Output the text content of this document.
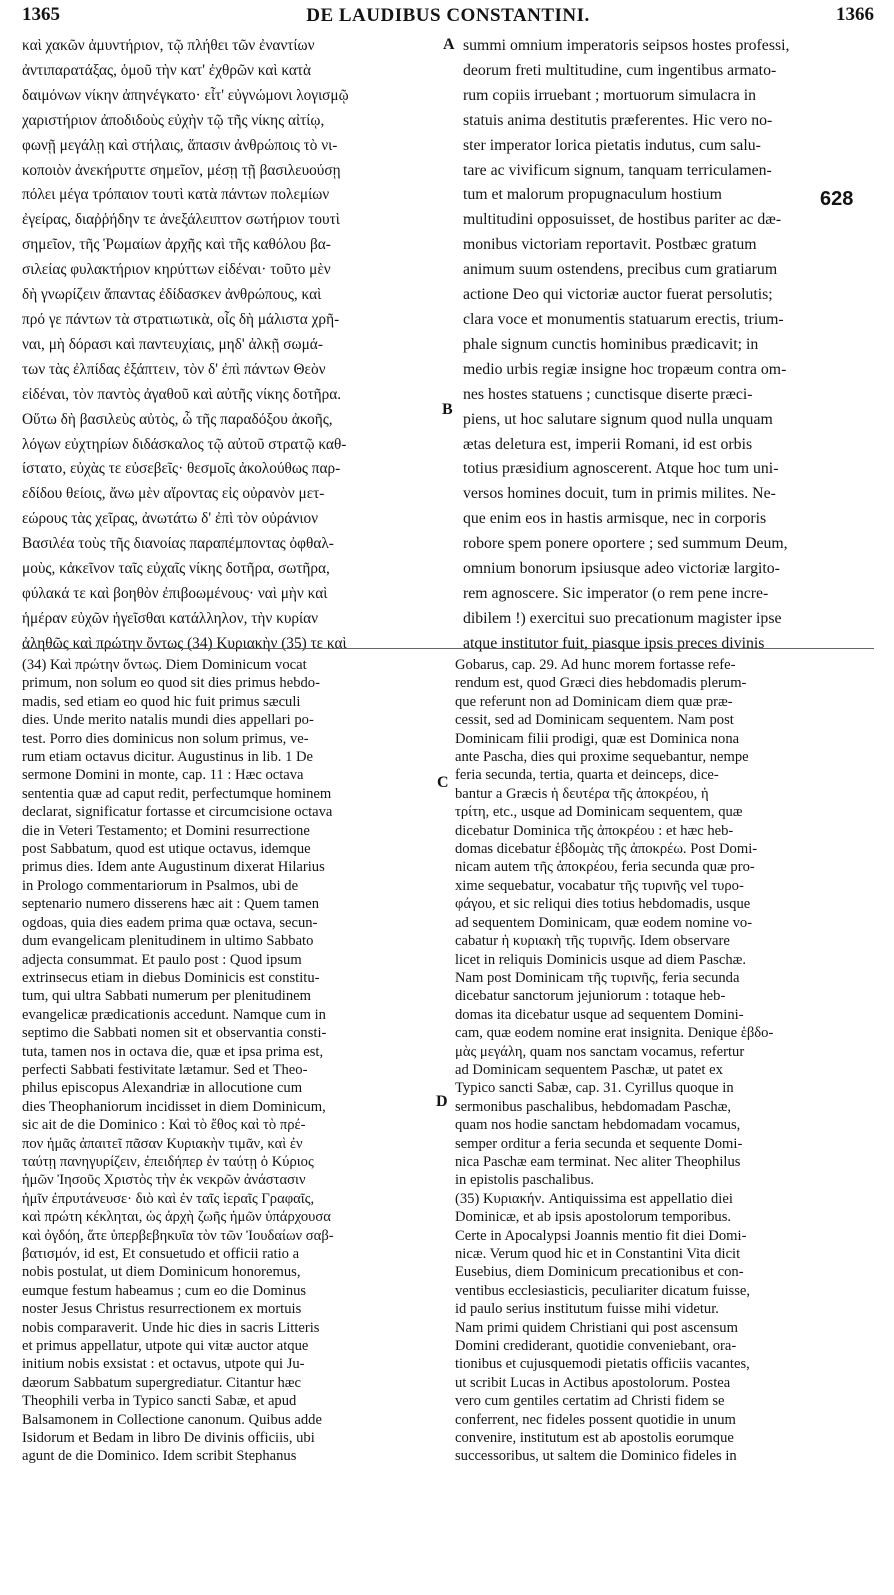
1365	DE LAUDIBUS CONSTANTINI.	1366
καὶ χακῶν ἀμυντήριον, τῷ πλήθει τῶν ἐναντίων
ἀντιπαρατάξας, ὁμοῦ τὴν κατ' ἐχθρῶν καὶ κατὰ
δαιμόνων νίκην ἀπηνέγκατο· εἶτ' εὐγνώμονι λογισμῷ
χαριστήριον ἀποδιδοὺς εὐχὴν τῷ τῆς νίκης αἰτίῳ,
φωνῇ μεγάλῃ καὶ στήλαις, ἅπασιν ἀνθρώποις τὸ νι-
κοποιὸν ἀνεκήρυττε σημεῖον, μέσῃ τῇ βασιλευούσῃ
πόλει μέγα τρόπαιον τουτὶ κατὰ πάντων πολεμίων
ἐγείρας, διαῤῥήδην τε ἀνεξάλειπτον σωτήριον τουτὶ
σημεῖον, τῆς Ῥωμαίων ἀρχῆς καὶ τῆς καθόλου βα-
σιλείας φυλακτήριον κηρύττων εἰδέναι· τοῦτο μὲν
δὴ γνωρίζειν ἅπαντας ἐδίδασκεν ἀνθρώπους, καὶ
πρό γε πάντων τὰ στρατιωτικὰ, οἷς δὴ μάλιστα χρῆ-
ναι, μὴ δόρασι καὶ παντευχίαις, μηδ' ἀλκῇ σωμά-
των τὰς ἐλπίδας ἐξάπτειν, τὸν δ' ἐπὶ πάντων Θεὸν
εἰδέναι, τὸν παντὸς ἀγαθοῦ καὶ αὐτῆς νίκης δοτῆρα.
Οὕτω δὴ βασιλεὺς αὐτὸς, ὦ τῆς παραδόξου ἀκοῆς,
λόγων εὐχτηρίων διδάσκαλος τῷ αὐτοῦ στρατῷ καθ-
ίστατο, εὐχὰς τε εὐσεβεῖς· θεσμοῖς ἀκολούθως παρ-
εδίδου θείοις, ἄνω μὲν αἴροντας εἰς οὐρανὸν μετ-
εώρους τὰς χεῖρας, ἀνωτάτω δ' ἐπὶ τὸν οὐράνιον
Βασιλέα τοὺς τῆς διανοίας παραπέμποντας ὀφθαλ-
μοὺς, κἀκεῖνον ταῖς εὐχαῖς νίκης δοτῆρα, σωτῆρα,
φύλακά τε καὶ βοηθὸν ἐπιβοωμένους· ναὶ μὴν καὶ
ἡμέραν εὐχῶν ἡγεῖσθαι κατάλληλον, τὴν κυρίαν
ἀληθῶς καὶ πρώτην ὄντως (34) Κυριακὴν (35) τε καὶ
summi omnium imperatoris seipsos hostes professi,
deorum freti multitudine, cum ingentibus armato-
rum copiis irruebant ; mortuorum simulacra in
statuis anima destitutis præferentes. Hic vero no-
ster imperator lorica pietatis indutus, cum salu-
tare ac vivificum signum, tanquam terriculamen-
tum et malorum propugnaculum hostium
multitudini opposuisset, de hostibus pariter ac dæ-
monibus victoriam reportavit. Postbæc gratum
animum suum ostendens, precibus cum gratiarum
actione Deo qui victoriæ auctor fuerat persolutis;
clara voce et monumentis statuarum erectis, trium-
phale signum cunctis hominibus prædicavit; in
medio urbis regiæ insigne hoc tropæum contra om-
nes hostes statuens ; cunctisque diserte præci-
piens, ut hoc salutare signum quod nulla unquam
ætas deletura est, imperii Romani, id est orbis
totius præsidium agnoscerent. Atque hoc tum uni-
versos homines docuit, tum in primis milites. Ne-
que enim eos in hastis armisque, nec in corporis
robore spem ponere oportere ; sed summum Deum,
omnium bonorum ipsiusque adeo victoriæ largito-
rem agnoscere. Sic imperator (o rem pene incre-
dibilem !) exercitui suo precationum magister ipse
atque institutor fuit, piasque ipsis preces divinis
A
B
C
D
628
(34) Καὶ πρώτην ὄντως. Diem Dominicum vocat
primum, non solum eo quod sit dies primus hebdo-
madis, sed etiam eo quod hic fuit primus sæculi
dies. Unde merito natalis mundi dies appellari po-
test. Porro dies dominicus non solum primus, ve-
rum etiam octavus dicitur. Augustinus in lib. 1 De
sermone Domini in monte, cap. 11 : Hæc octava
sententia quæ ad caput redit, perfectumque hominem
declarat, significatur fortasse et circumcisione octava
die in Veteri Testamento; et Domini resurrectione
post Sabbatum, quod est utique octavus, idemque
primus dies. Idem ante Augustinum dixerat Hilarius
in Prologo commentariorum in Psalmos, ubi de
septenario numero disserens hæc ait : Quem tamen
ogdoas, quia dies eadem prima quæ octava, secun-
dum evangelicam plenitudinem in ultimo Sabbato
adjecta consummat. Et paulo post : Quod ipsum
extrinsecus etiam in diebus Dominicis est constitu-
tum, qui ultra Sabbati numerum per plenitudinem
evangelicæ prædicationis accedunt. Namque cum in
septimo die Sabbati nomen sit et observantia consti-
tuta, tamen nos in octava die, quæ et ipsa prima est,
perfecti Sabbati festivitate lætamur. Sed et Theo-
philus episcopus Alexandriæ in allocutione cum
dies Theophaniorum incidisset in diem Dominicum,
sic ait de die Dominico : Καὶ τὸ ἔθος καὶ τὸ πρέ-
πον ἡμᾶς ἀπαιτεῖ πᾶσαν Κυριακὴν τιμᾶν, καὶ ἐν
ταύτῃ πανηγυρίζειν, ἐπειδήπερ ἐν ταύτῃ ὁ Κύριος
ἡμῶν Ἰησοῦς Χριστὸς τὴν ἐκ νεκρῶν ἀνάστασιν
ἡμῖν ἐπρυτάνευσε· διὸ καὶ ἐν ταῖς ἱεραῖς Γραφαῖς,
καὶ πρώτη κέκληται, ὡς ἀρχὴ ζωῆς ἡμῶν ὑπάρχουσα
καὶ ὀγδόη, ἅτε ὑπερβεβηκυῖα τὸν τῶν Ἰουδαίων σαβ-
βατισμόν, id est, Et consuetudo et officii ratio a
nobis postulat, ut diem Dominicum honoremus,
eumque festum habeamus ; cum eo die Dominus
noster Jesus Christus resurrectionem ex mortuis
nobis comparaverit. Unde hic dies in sacris Litteris
et primus appellatur, utpote qui vitæ auctor atque
initium nobis exsistat : et octavus, utpote qui Ju-
dæorum Sabbatum supergrediatur. Citantur hæc
Theophili verba in Typico sancti Sabæ, et apud
Balsamonem in Collectione canonum. Quibus adde
Isidorum et Bedam in libro De divinis officiis, ubi
agunt de die Dominico. Idem scribit Stephanus
Gobarus, cap. 29. Ad hunc morem fortasse refe-
rendum est, quod Græci dies hebdomadis plerum-
que referunt non ad Dominicam diem quæ præ-
cessit, sed ad Dominicam sequentem. Nam post
Dominicam filii prodigi, quæ est Dominica nona
ante Pascha, dies qui proxime sequebantur, nempe
feria secunda, tertia, quarta et deinceps, dice-
bantur a Græcis ἡ δευτέρα τῆς ἀποκρέου, ἡ
τρίτη, etc., usque ad Dominicam sequentem, quæ
dicebatur Dominica τῆς ἀποκρέου : et hæc heb-
domas dicebatur ἑβδομὰς τῆς ἀποκρέω. Post Domi-
nicam autem τῆς ἀποκρέου, feria secunda quæ pro-
xime sequebatur, vocabatur τῆς τυρινῆς vel τυρο-
φάγου, et sic reliqui dies totius hebdomadis, usque
ad sequentem Dominicam, quæ eodem nomine vo-
cabatur ἡ κυριακὴ τῆς τυρινῆς. Idem observare
licet in reliquis Dominicis usque ad diem Paschæ.
Nam post Dominicam τῆς τυρινῆς, feria secunda
dicebatur sanctorum jejuniorum : totaque heb-
domas ita dicebatur usque ad sequentem Domini-
cam, quæ eodem nomine erat insignita. Denique ἑβδο-
μὰς μεγάλη, quam nos sanctam vocamus, refertur
ad Dominicam sequentem Paschæ, ut patet ex
Typico sancti Sabæ, cap. 31. Cyrillus quoque in
sermonibus paschalibus, hebdomadam Paschæ,
quam nos hodie sanctam hebdomadam vocamus,
semper orditur a feria secunda et sequente Domi-
nica Paschæ eam terminat. Nec aliter Theophilus
in epistolis paschalibus.
(35) Κυριακήν. Antiquissima est appellatio diei
Dominicæ, et ab ipsis apostolorum temporibus.
Certe in Apocalypsi Joannis mentio fit diei Domi-
nicæ. Verum quod hic et in Constantini Vita dicit
Eusebius, diem Dominicum precationibus et con-
ventibus ecclesiasticis, peculiariter dicatum fuisse,
id paulo serius institutum fuisse mihi videtur.
Nam primi quidem Christiani qui post ascensum
Domini crediderant, quotidie conveniebant, ora-
tionibus et cujusquemodi pietatis officiis vacantes,
ut scribit Lucas in Actibus apostolorum. Postea
vero cum gentiles certatim ad Christi fidem se
conferrent, nec fideles possent quotidie in unum
convenire, institutum est ab apostolis eorumque
successoribus, ut saltem die Dominico fideles in
